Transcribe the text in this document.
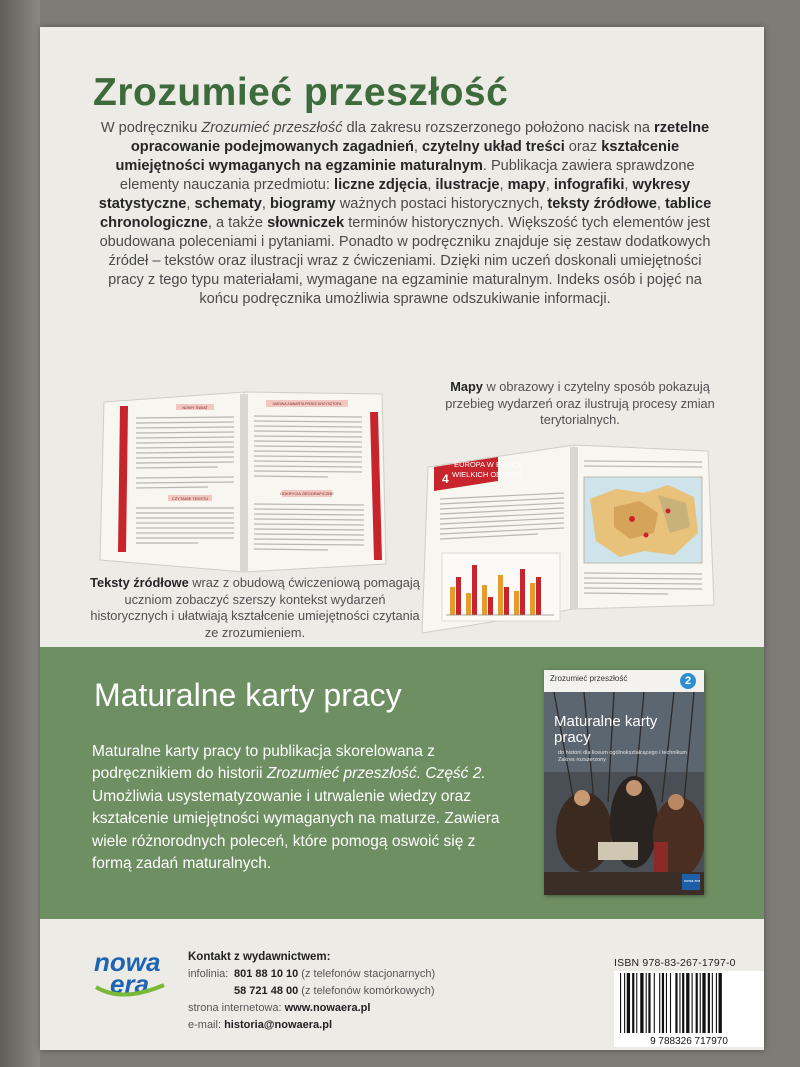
Zrozumieć przeszłość

W podręczniku Zrozumieć przeszłość dla zakresu rozszerzonego położono nacisk na rzetelne opracowanie podejmowanych zagadnień, czytelny układ treści oraz kształcenie umiejętności wymaganych na egzaminie maturalnym. Publikacja zawiera sprawdzone elementy nauczania przedmiotu: liczne zdjęcia, ilustracje, mapy, infografiki, wykresy statystyczne, schematy, biogramy ważnych postaci historycznych, teksty źródłowe, tablice chronologiczne, a także słowniczek terminów historycznych. Większość tych elementów jest obudowana poleceniami i pytaniami. Ponadto w podręczniku znajduje się zestaw dodatkowych źródeł – tekstów oraz ilustracji wraz z ćwiczeniami. Dzięki nim uczeń doskonali umiejętności pracy z tego typu materiałami, wymagane na egzaminie maturalnym. Indeks osób i pojęć na końcu podręcznika umożliwia sprawne odszukiwanie informacji.

NOWY ŚWIAT
CZYTANIE TEKSTU
UMOWA ZAWARTA PRZEZ KRZYSZTOFA
ODKRYCIA GEOGRAFICZNE
4
EUROPA W EPOCE
WIELKICH ODKRYĆ

Mapy w obrazowy i czytelny sposób pokazują przebieg wydarzeń oraz ilustrują procesy zmian terytorialnych.

Teksty źródłowe wraz z obudową ćwiczeniową pomagają uczniom zobaczyć szerszy kontekst wydarzeń historycznych i ułatwiają kształcenie umiejętności czytania ze zrozumieniem.

Maturalne karty pracy

Maturalne karty pracy to publikacja skorelowana z podręcznikiem do historii Zrozumieć przeszłość. Część 2. Umożliwia usystematyzowanie i utrwalenie wiedzy oraz kształcenie umiejętności wymaganych na maturze. Zawiera wiele różnorodnych poleceń, które pomogą oswoić się z formą zadań maturalnych.

Zrozumieć przeszłość	2
Maturalne karty pracy
do historii dla liceum ogólnokształcącego i technikum Zakres rozszerzony
nowa era
nowa
era
Kontakt z wydawnictwem:
infolinia: 801 88 10 10 (z telefonów stacjonarnych)
58 721 48 00 (z telefonów komórkowych)
strona internetowa: www.nowaera.pl
e-mail: historia@nowaera.pl
ISBN 978-83-267-1797-0
9 788326 717970
